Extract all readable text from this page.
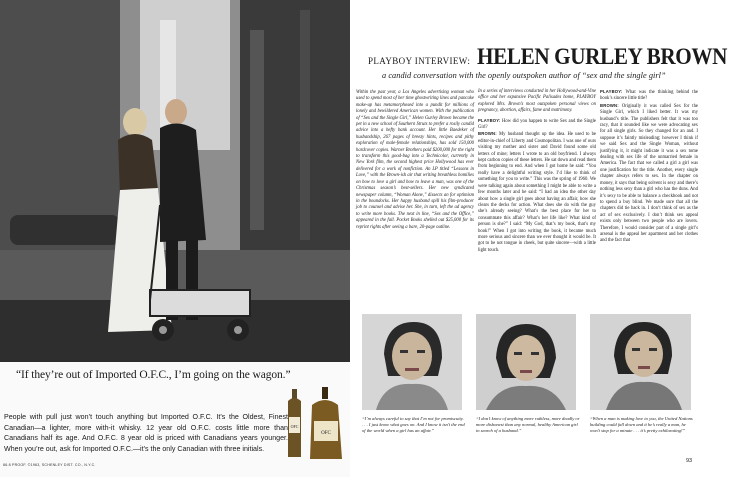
“If they’re out of Imported O.F.C., I’m going on the wagon.”
People with pull just won’t touch anything but Imported O.F.C. It’s the Oldest, Finest Canadian—a lighter, more with-it whisky. 12 year old O.F.C. costs little more than Canadians half its age. And O.F.C. 8 year old is priced with Canadians years younger. When you’re out, ask for Imported O.F.C.—it’s the only Canadian with three initials.
OFC
OFC
86.8 PROOF. ©1963, SCHENLEY DIST. CO., N.Y.C.
PLAYBOY INTERVIEW: HELEN GURLEY BROWN
a candid conversation with the openly outspoken author of “sex and the single girl”
Within the past year, a Los Angeles advertising woman who used to spend most of her time ghostwriting lines and pancake make-up has metamorphosed into a pundit for millions of lonely and bewildered American women. With the publication of “Sex and the Single Girl,” Helen Gurley Brown became the pet in a new school of Southern Struts to prefer a rosily candid advice into a hefty bank account. Her little Baedeker of husbandship, 267 pages of breezy hints, recipes and pithy exploration of male-female relationships, has sold 150,000 hardcover copies. Warner Brothers paid $200,000 for the right to transform this good-bag into a Technicolor, currently in New York film, the second highest price Hollywood has ever delivered for a work of nonfiction. An LP titled “Lessons in Love,” with the Brown-ish air that writing breathless homilies on how to love a girl and how to leave a man, was one of the Christmas season’s best-sellers. Her new syndicated newspaper column, “Woman Alone,” dissects an for optimism in the boundocks. Her happy husband spill his film-producer job to counsel and advise her. She, in turn, left the ad agency to write more books. The next in line, “Sex and the Office,” appeared in the fall. Pocket Books shelled out $25,000 for its reprint rights after seeing a bare, 20-page outline.
In a series of interviews conducted in her Hollywood-and-Vine office and her expansive Pacific Palisades home, PLAYBOY explored Mrs. Brown’s most outspoken personal views on pregnancy, abortion, affairs, fame and matrimony.
PLAYBOY: How did you happen to write Sex and the Single Girl?
BROWN: My husband thought up the idea. He used to be editor-in-chief of Liberty and Cosmopolitan. I was one of ours visiting my mother and sister and David found some old letters of mine; letters I wrote to an old boyfriend. I always kept carbon copies of these letters. He sat down and read them from beginning to end. And when I got home he said: “You really have a delightful writing style. I’d like to think of something for you to write.” This was the spring of 1960. We were talking again about something I might be able to write a few months later and he said: “I had an idea the other day about how a single girl goes about having an affair, how she clears the decks for action. What does she do with the guy she’s already seeing? What’s the best place for her to consummate this affair? What’s her life like? What kind of person is she?” I said: “My God, that’s my book, that’s my book!” When I got into writing the book, it became much more serious and sincere than we ever thought it would be. It got to be not tongue in cheek, but quite sincere—with a little light touch.
PLAYBOY: What was the thinking behind the book’s sincere little title?
BROWN: Originally it was called Sex for the Single Girl, which I liked better. It was my husband’s title. The publishers felt that it was too racy, that it sounded like we were advocating sex for all single girls. So they changed for an and. I suppose it’s faintly misleading; however I think if we said Sex and the Single Woman, without justifying it, it might indicate it was a sex tome dealing with sex life of the unmarried female in America. The fact that we called a girl a girl was one justification for the title. Another, every single chapter always refers to sex. In the chapter on money, it says that being solvent is sexy and there’s nothing less sexy than a girl who has the duns. And it’s sexy to be able to balance a checkbook and not to spend a buy blind. We made sure that all the chapters did tie back in. I don’t think of sex as the act of sex exclusively. I don’t think sex appeal exists only between two people who are lovers. Therefore, I would consider part of a single girl’s arsenal is the appeal her apartment and her clothes and the fact that
“I’m always careful to say that I’m not for promiscuity. . . . I just know what goes on. And I know it isn’t the end of the world when a girl has an affair.”
“I don’t know of anything more ruthless, more deadly or more dishonest than any normal, healthy American girl in search of a husband.”
“When a man is making love to you, the United Nations building could fall down and it he’s really a man, he won’t stop for a minute . . . it’s pretty exhilarating!”
93
